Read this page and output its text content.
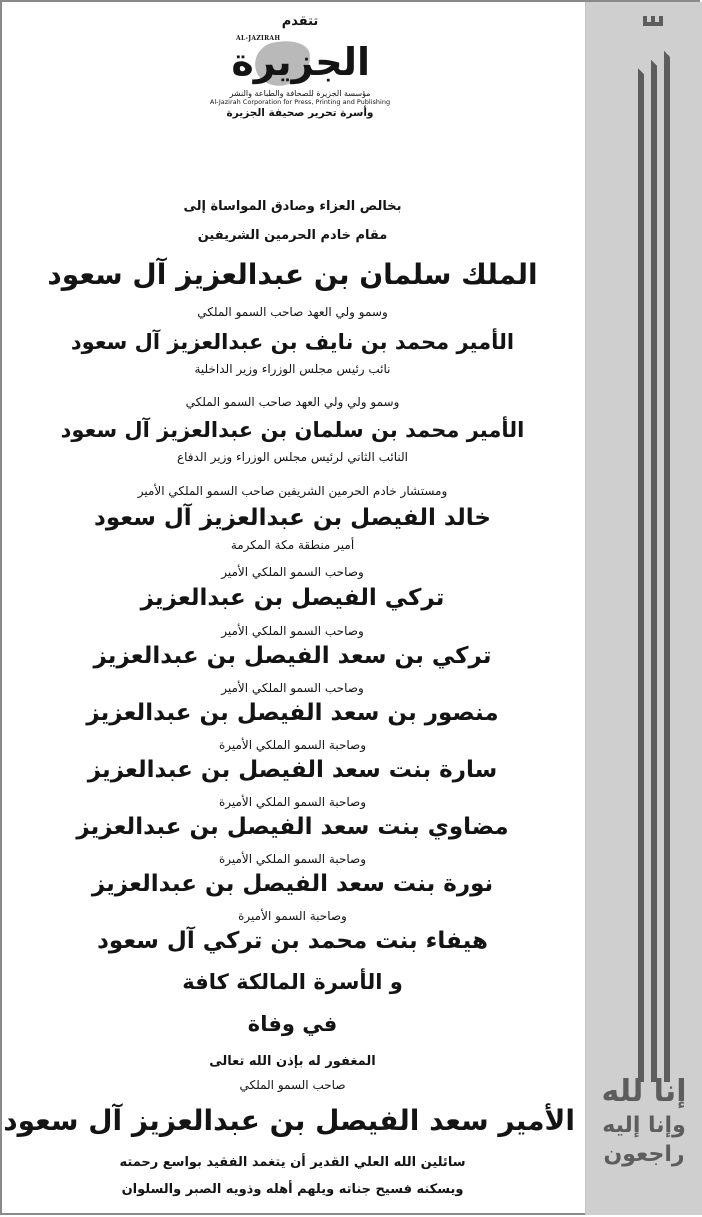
تتقدم
AL-JAZIRAH
الجزيرة
مؤسسة الجزيرة للصحافة والطباعة والنشر
Al-Jazirah Corporation for Press, Printing and Publishing
وأسرة تحرير صحيفة الجزيرة
بخالص العزاء وصادق المواساة إلى
مقام خادم الحرمين الشريفين
الملك سلمان بن عبدالعزيز آل سعود
وسمو ولي العهد صاحب السمو الملكي
الأمير محمد بن نايف بن عبدالعزيز آل سعود
نائب رئيس مجلس الوزراء وزير الداخلية
وسمو ولي ولي العهد صاحب السمو الملكي
الأمير محمد بن سلمان بن عبدالعزيز آل سعود
النائب الثاني لرئيس مجلس الوزراء وزير الدفاع
ومستشار خادم الحرمين الشريفين صاحب السمو الملكي الأمير
خالد الفيصل بن عبدالعزيز آل سعود
أمير منطقة مكة المكرمة
وصاحب السمو الملكي الأمير
تركي الفيصل بن عبدالعزيز
وصاحب السمو الملكي الأمير
تركي بن سعد الفيصل بن عبدالعزيز
وصاحب السمو الملكي الأمير
منصور بن سعد الفيصل بن عبدالعزيز
وصاحبة السمو الملكي الأميرة
سارة بنت سعد الفيصل بن عبدالعزيز
وصاحبة السمو الملكي الأميرة
مضاوي بنت سعد الفيصل بن عبدالعزيز
وصاحبة السمو الملكي الأميرة
نورة بنت سعد الفيصل بن عبدالعزيز
وصاحبة السمو الأميرة
هيفاء بنت محمد بن تركي آل سعود
و الأسرة المالكة كافة
في وفاة
المغفور له بإذن الله تعالى
صاحب السمو الملكي
الأمير سعد الفيصل بن عبدالعزيز آل سعود
سائلين الله العلي القدير أن يتغمد الفقيد بواسع رحمته
ويسكنه فسيح جناته ويلهم أهله وذويه الصبر والسلوان
إنا لله
وإنا إليه
راجعون
